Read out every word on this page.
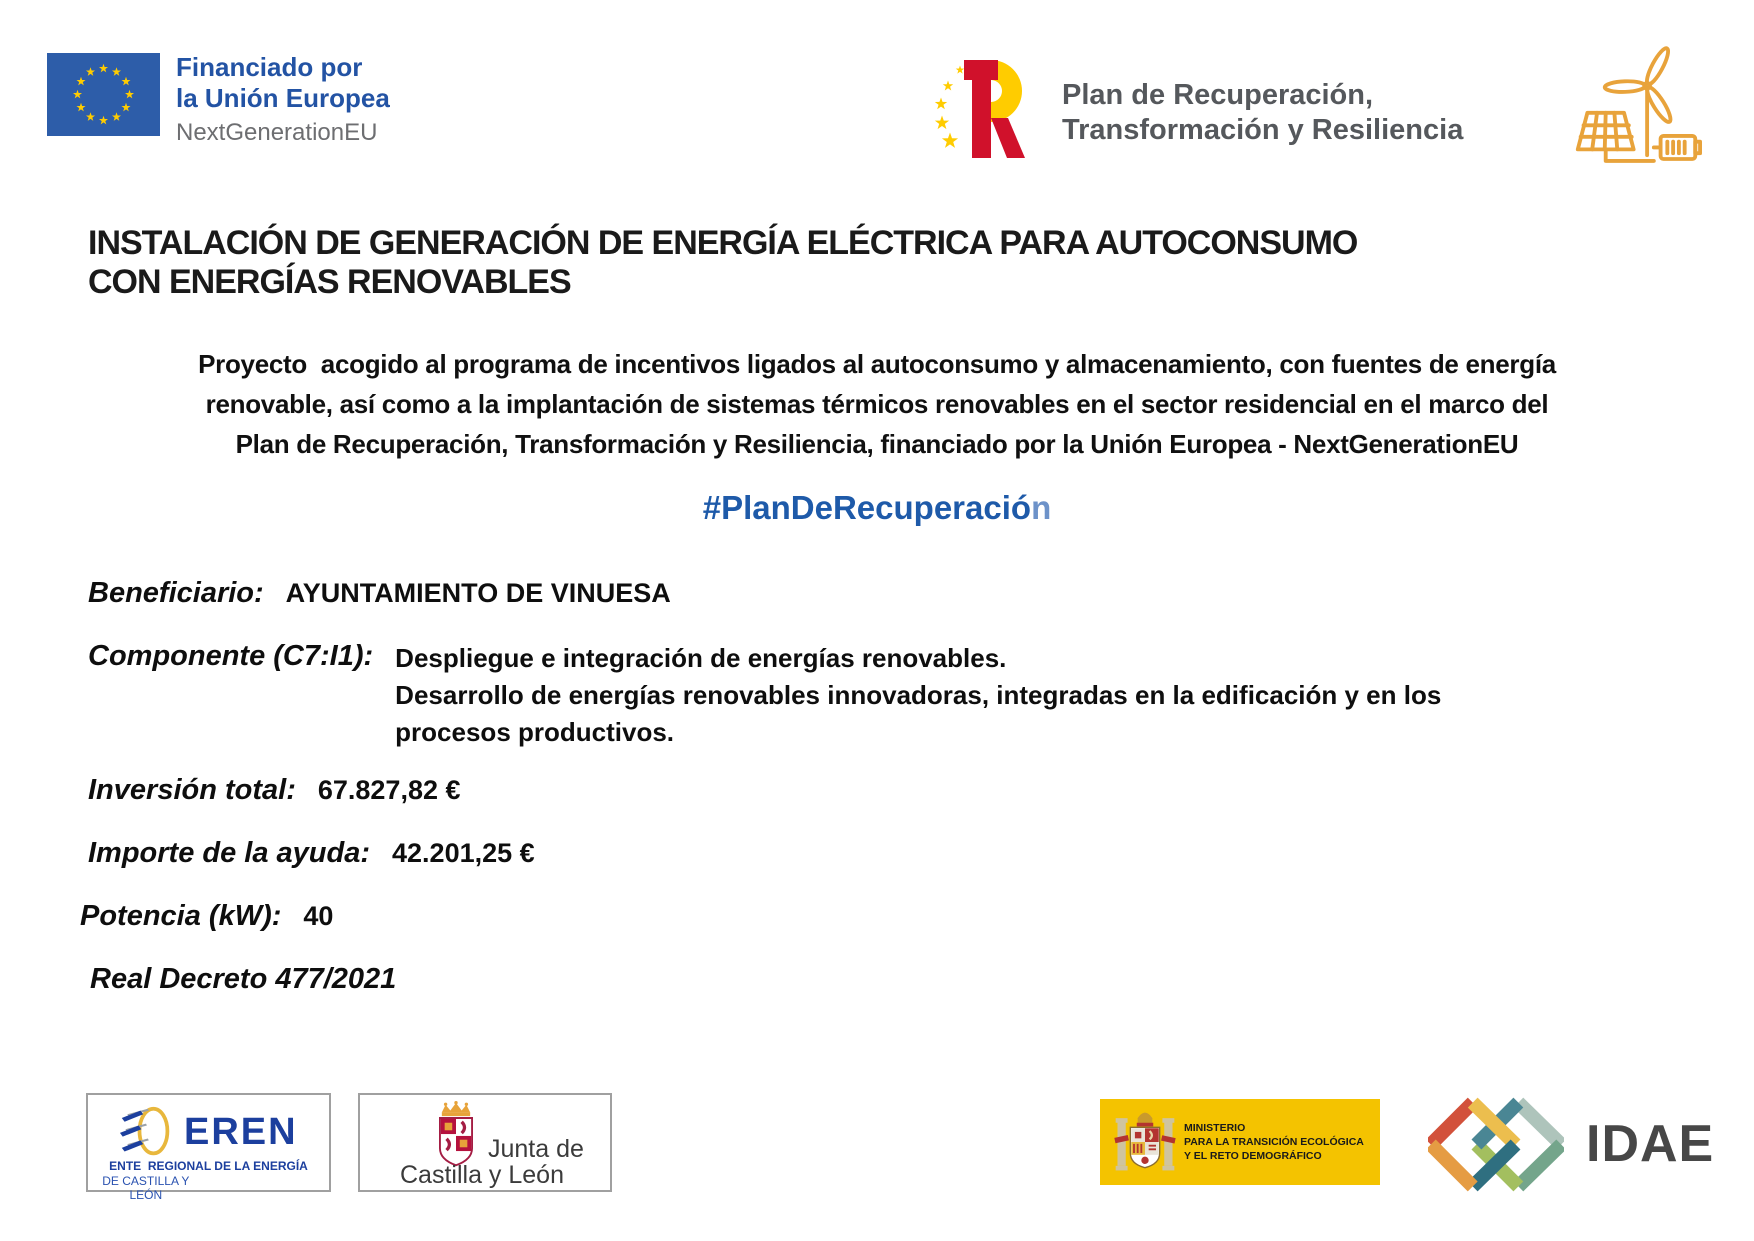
Financiado por
la Unión Europea
NextGenerationEU
Plan de Recuperación,
Transformación y Resiliencia
INSTALACIÓN DE GENERACIÓN DE ENERGÍA ELÉCTRICA PARA AUTOCONSUMO
CON ENERGÍAS RENOVABLES
Proyecto  acogido al programa de incentivos ligados al autoconsumo y almacenamiento, con fuentes de energía
renovable, así como a la implantación de sistemas térmicos renovables en el sector residencial en el marco del
Plan de Recuperación, Transformación y Resiliencia, financiado por la Unión Europea - NextGenerationEU
#PlanDeRecuperación
Beneficiario: AYUNTAMIENTO DE VINUESA
Componente (C7:I1): Despliegue e integración de energías renovables.
Desarrollo de energías renovables innovadoras, integradas en la edificación y en los
procesos productivos.
Inversión total: 67.827,82 €
Importe de la ayuda: 42.201,25 €
Potencia (kW): 40
Real Decreto 477/2021
EREN
ENTE  REGIONAL DE LA ENERGÍA
DE CASTILLA Y LEÓN
Junta de
Castilla y León
MINISTERIO
PARA LA TRANSICIÓN ECOLÓGICA
Y EL RETO DEMOGRÁFICO	IDAE
